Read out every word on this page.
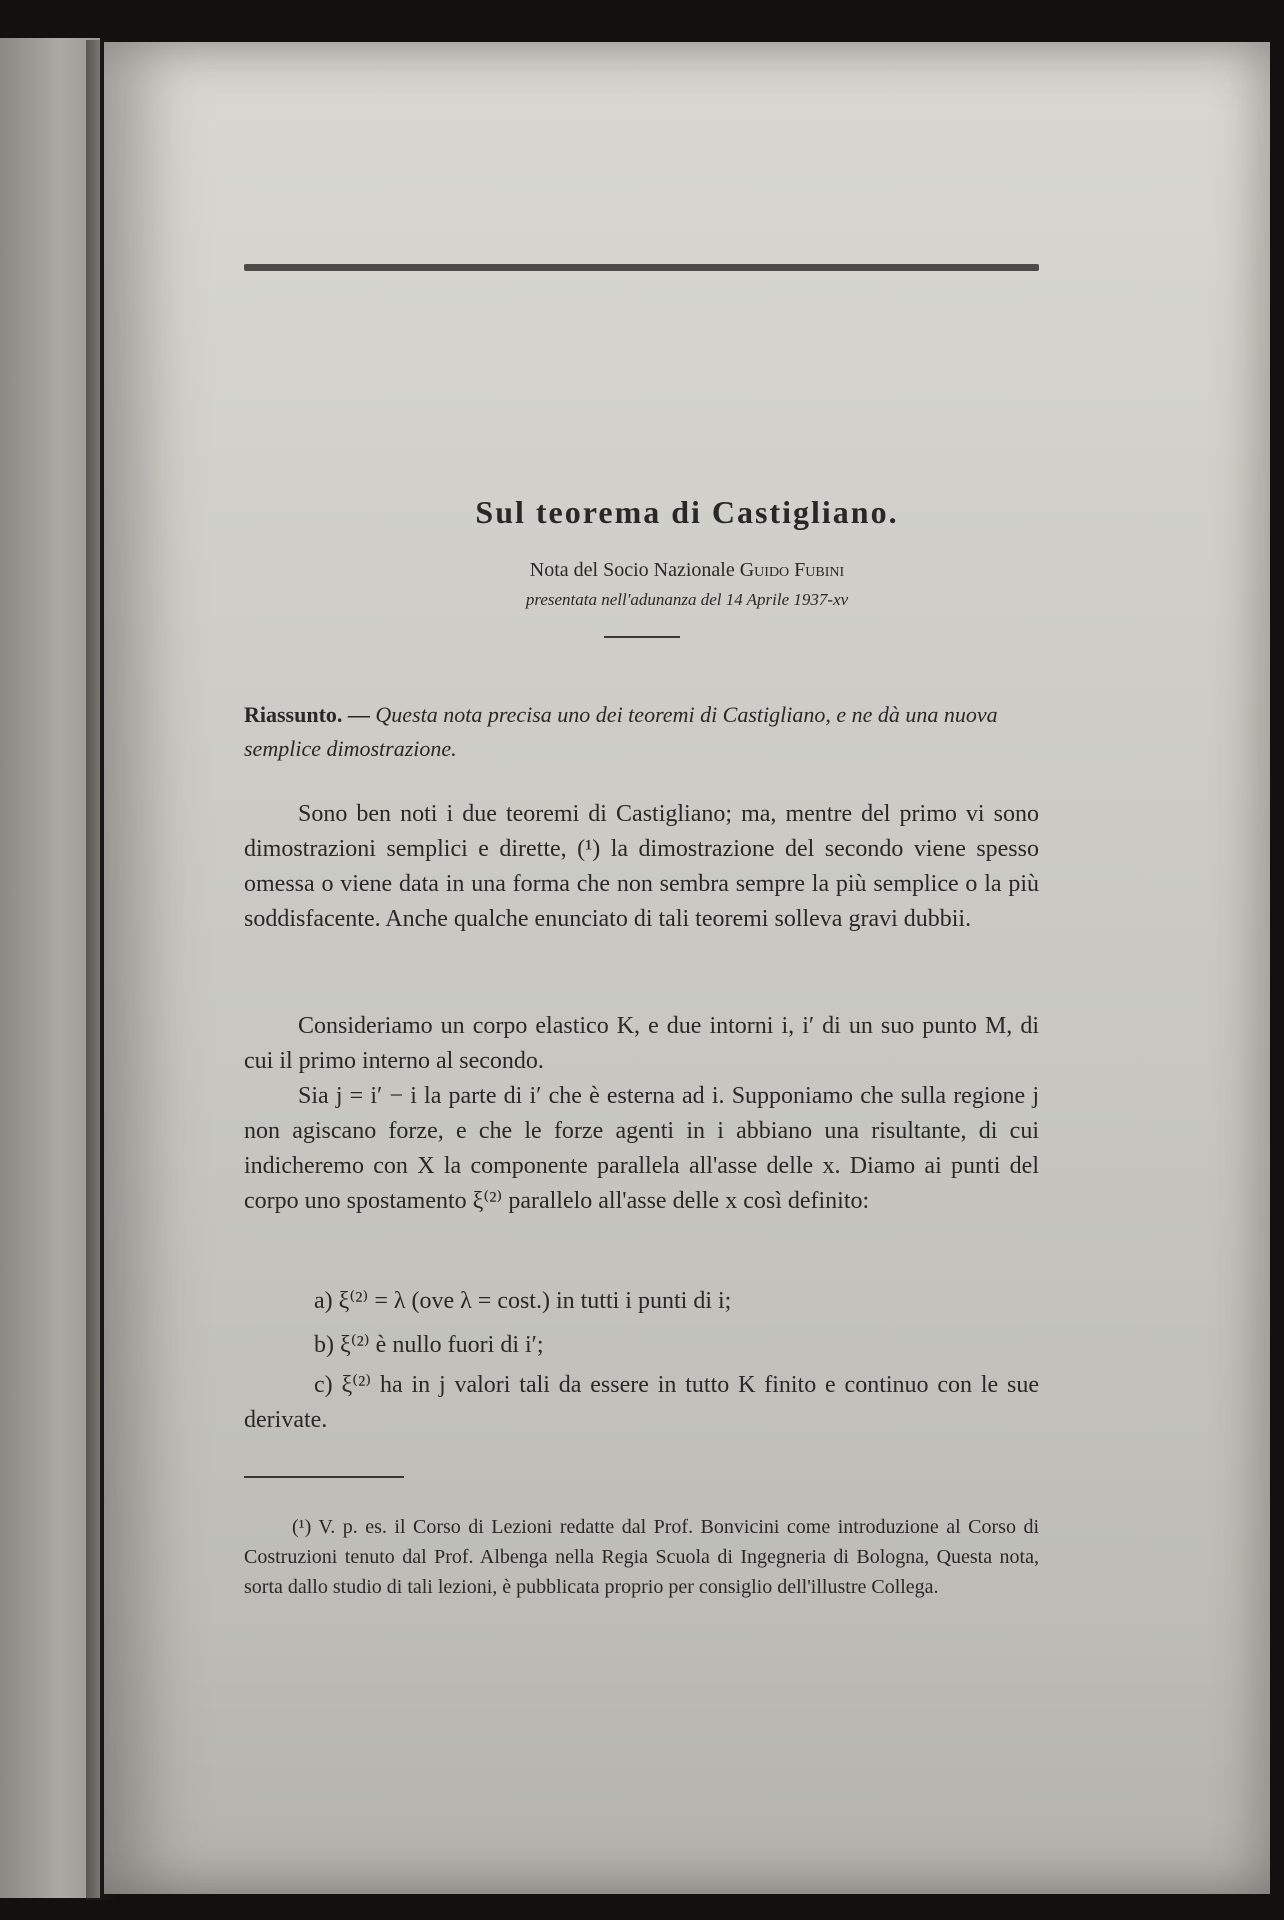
Sul teorema di Castigliano.

Nota del Socio Nazionale Guido Fubini

presentata nell'adunanza del 14 Aprile 1937-xv

Riassunto. — Questa nota precisa uno dei teoremi di Castigliano, e ne dà una nuova semplice dimostrazione.

Sono ben noti i due teoremi di Castigliano; ma, mentre del primo vi sono dimostrazioni semplici e dirette, (¹) la dimostrazione del secondo viene spesso omessa o viene data in una forma che non sembra sempre la più semplice o la più soddisfacente. Anche qualche enunciato di tali teoremi solleva gravi dubbii.

Consideriamo un corpo elastico K, e due intorni i, i′ di un suo punto M, di cui il primo interno al secondo.

Sia j = i′ − i la parte di i′ che è esterna ad i. Supponiamo che sulla regione j non agiscano forze, e che le forze agenti in i abbiano una risultante, di cui indicheremo con X la componente parallela all'asse delle x. Diamo ai punti del corpo uno spostamento ξ⁽²⁾ parallelo all'asse delle x così definito:

a) ξ⁽²⁾ = λ (ove λ = cost.) in tutti i punti di i;

b) ξ⁽²⁾ è nullo fuori di i′;

c) ξ⁽²⁾ ha in j valori tali da essere in tutto K finito e continuo con le sue derivate.

(¹) V. p. es. il Corso di Lezioni redatte dal Prof. Bonvicini come introduzione al Corso di Costruzioni tenuto dal Prof. Albenga nella Regia Scuola di Ingegneria di Bologna, Questa nota, sorta dallo studio di tali lezioni, è pubblicata proprio per consiglio dell'illustre Collega.
